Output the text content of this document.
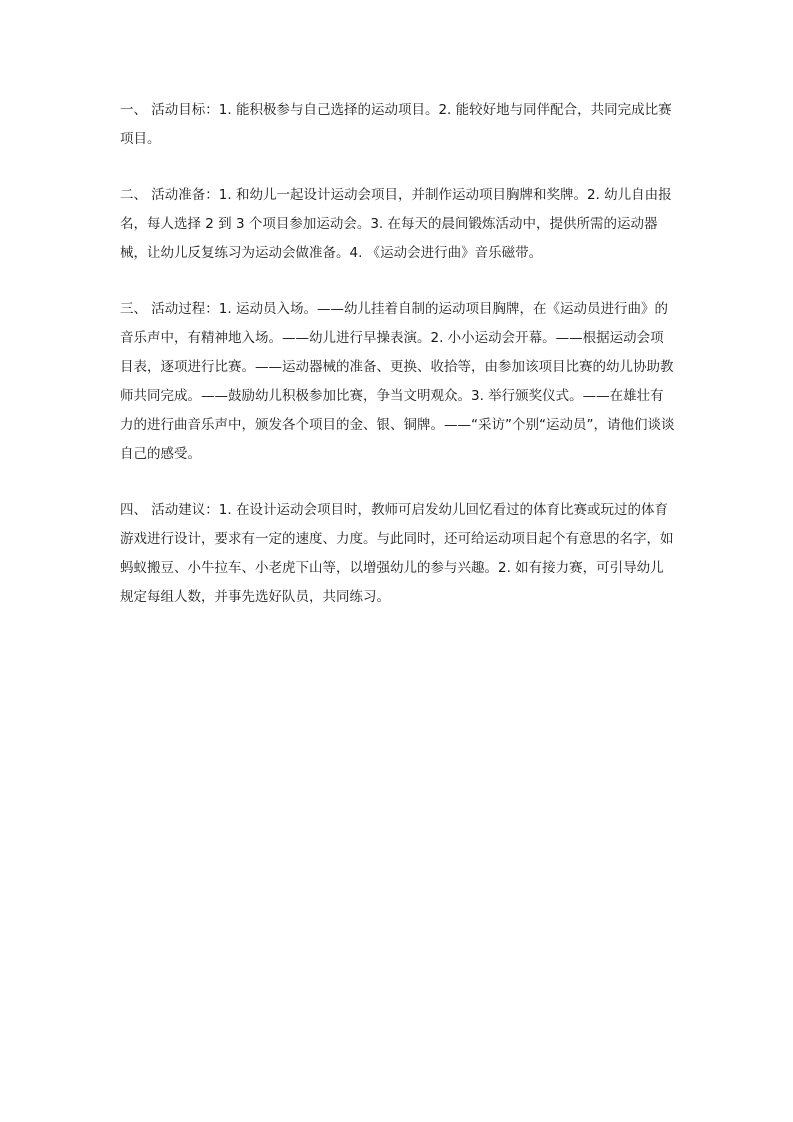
一、 活动目标：1. 能积极参与自己选择的运动项目。2. 能较好地与同伴配合，共同完成比赛项目。

二、 活动准备：1. 和幼儿一起设计运动会项目，并制作运动项目胸牌和奖牌。2. 幼儿自由报名，每人选择 2 到 3 个项目参加运动会。3. 在每天的晨间锻炼活动中，提供所需的运动器械，让幼儿反复练习为运动会做准备。4. 《运动会进行曲》音乐磁带。

三、 活动过程：1. 运动员入场。——幼儿挂着自制的运动项目胸牌，在《运动员进行曲》的音乐声中，有精神地入场。——幼儿进行早操表演。2. 小小运动会开幕。——根据运动会项目表，逐项进行比赛。——运动器械的准备、更换、收拾等，由参加该项目比赛的幼儿协助教师共同完成。——鼓励幼儿积极参加比赛，争当文明观众。3. 举行颁奖仪式。——在雄壮有力的进行曲音乐声中，颁发各个项目的金、银、铜牌。——“采访”个别“运动员”，请他们谈谈自己的感受。

四、 活动建议：1. 在设计运动会项目时，教师可启发幼儿回忆看过的体育比赛或玩过的体育游戏进行设计，要求有一定的速度、力度。与此同时，还可给运动项目起个有意思的名字，如蚂蚁搬豆、小牛拉车、小老虎下山等，以增强幼儿的参与兴趣。2. 如有接力赛，可引导幼儿规定每组人数，并事先选好队员，共同练习。
